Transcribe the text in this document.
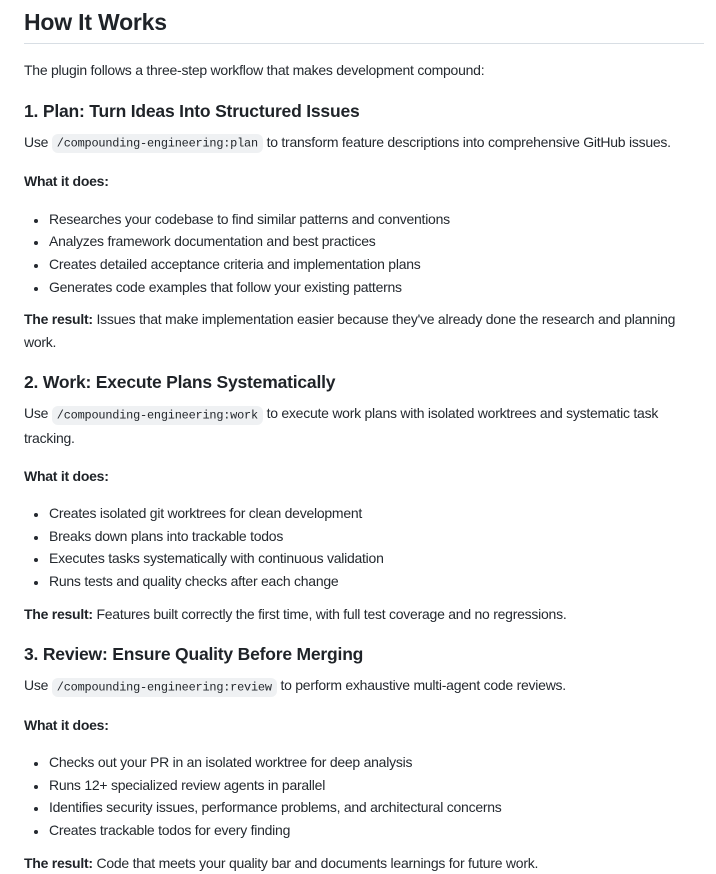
How It Works

The plugin follows a three-step workflow that makes development compound:

1. Plan: Turn Ideas Into Structured Issues

Use /compounding-engineering:plan to transform feature descriptions into comprehensive GitHub issues.

What it does:

• Researches your codebase to find similar patterns and conventions
• Analyzes framework documentation and best practices
• Creates detailed acceptance criteria and implementation plans
• Generates code examples that follow your existing patterns

The result: Issues that make implementation easier because they've already done the research and planning work.

2. Work: Execute Plans Systematically

Use /compounding-engineering:work to execute work plans with isolated worktrees and systematic task tracking.

What it does:

• Creates isolated git worktrees for clean development
• Breaks down plans into trackable todos
• Executes tasks systematically with continuous validation
• Runs tests and quality checks after each change

The result: Features built correctly the first time, with full test coverage and no regressions.

3. Review: Ensure Quality Before Merging

Use /compounding-engineering:review to perform exhaustive multi-agent code reviews.

What it does:

• Checks out your PR in an isolated worktree for deep analysis
• Runs 12+ specialized review agents in parallel
• Identifies security issues, performance problems, and architectural concerns
• Creates trackable todos for every finding

The result: Code that meets your quality bar and documents learnings for future work.
